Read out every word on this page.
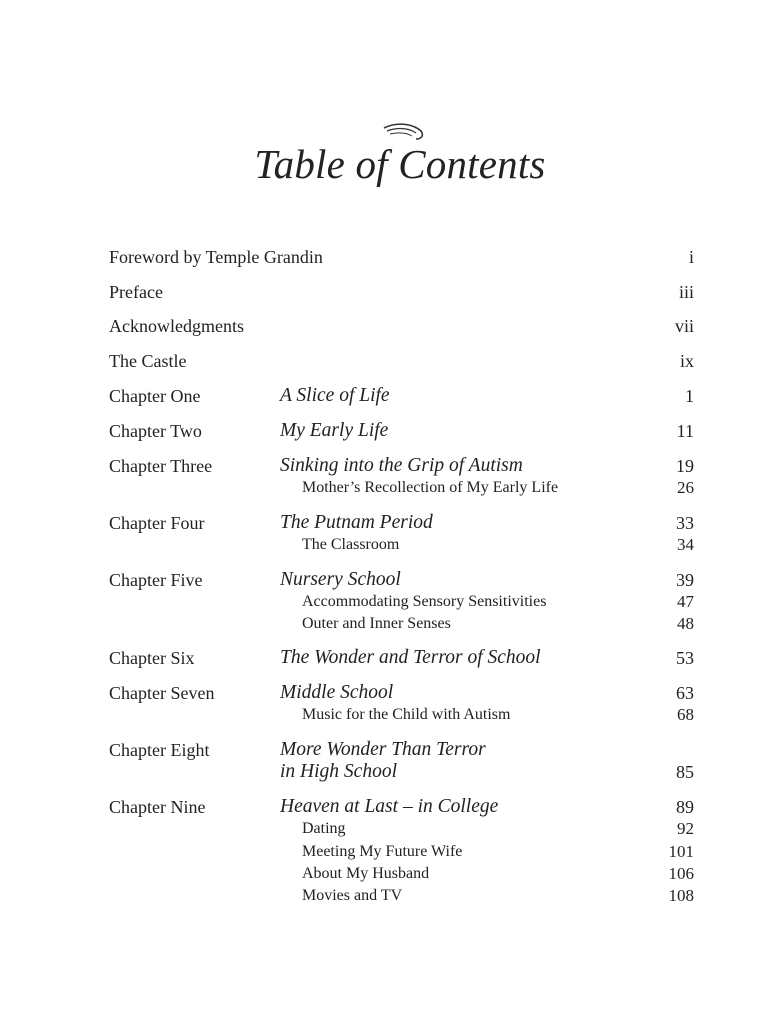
Table of Contents
Foreword by Temple Grandin	i
Preface	iii
Acknowledgments	vii
The Castle	ix
Chapter One	A Slice of Life	1
Chapter Two	My Early Life	11
Chapter Three	Sinking into the Grip of Autism	19
Mother’s Recollection of My Early Life	26
Chapter Four	The Putnam Period	33
The Classroom	34
Chapter Five	Nursery School	39
Accommodating Sensory Sensitivities	47
Outer and Inner Senses	48
Chapter Six	The Wonder and Terror of School	53
Chapter Seven	Middle School	63
Music for the Child with Autism	68
Chapter Eight	More Wonder Than Terror
in High School	85
Chapter Nine	Heaven at Last – in College	89
Dating	92
Meeting My Future Wife	101
About My Husband	106
Movies and TV	108
